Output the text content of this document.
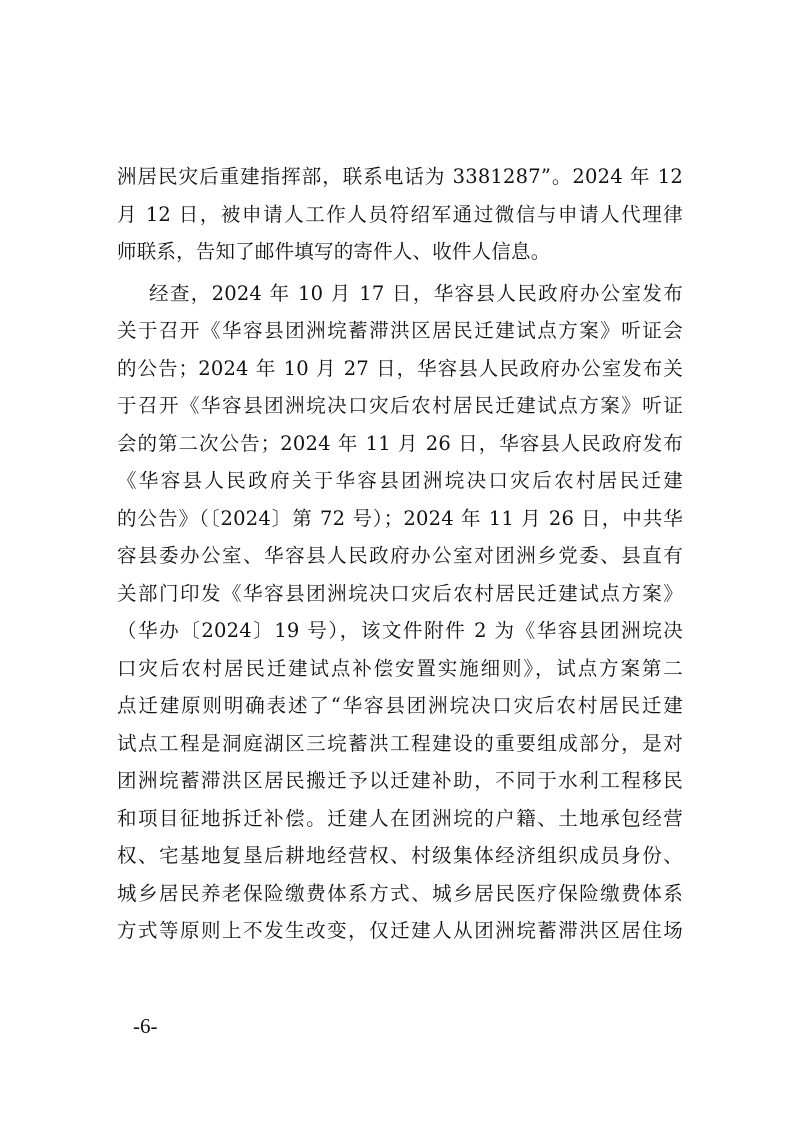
洲居民灾后重建指挥部，联系电话为 3381287”。2024 年 12
月 12 日，被申请人工作人员符绍军通过微信与申请人代理律
师联系，告知了邮件填写的寄件人、收件人信息。
经查，2024 年 10 月 17 日，华容县人民政府办公室发布
关于召开《华容县团洲垸蓄滞洪区居民迁建试点方案》听证会
的公告；2024 年 10 月 27 日，华容县人民政府办公室发布关
于召开《华容县团洲垸决口灾后农村居民迁建试点方案》听证
会的第二次公告；2024 年 11 月 26 日，华容县人民政府发布
《华容县人民政府关于华容县团洲垸决口灾后农村居民迁建
的公告》（〔2024〕第 72 号）；2024 年 11 月 26 日，中共华
容县委办公室、华容县人民政府办公室对团洲乡党委、县直有
关部门印发《华容县团洲垸决口灾后农村居民迁建试点方案》
（华办〔2024〕19 号），该文件附件 2 为《华容县团洲垸决
口灾后农村居民迁建试点补偿安置实施细则》，试点方案第二
点迁建原则明确表述了“华容县团洲垸决口灾后农村居民迁建
试点工程是洞庭湖区三垸蓄洪工程建设的重要组成部分，是对
团洲垸蓄滞洪区居民搬迁予以迁建补助，不同于水利工程移民
和项目征地拆迁补偿。迁建人在团洲垸的户籍、土地承包经营
权、宅基地复垦后耕地经营权、村级集体经济组织成员身份、
城乡居民养老保险缴费体系方式、城乡居民医疗保险缴费体系
方式等原则上不发生改变，仅迁建人从团洲垸蓄滞洪区居住场
-6-
